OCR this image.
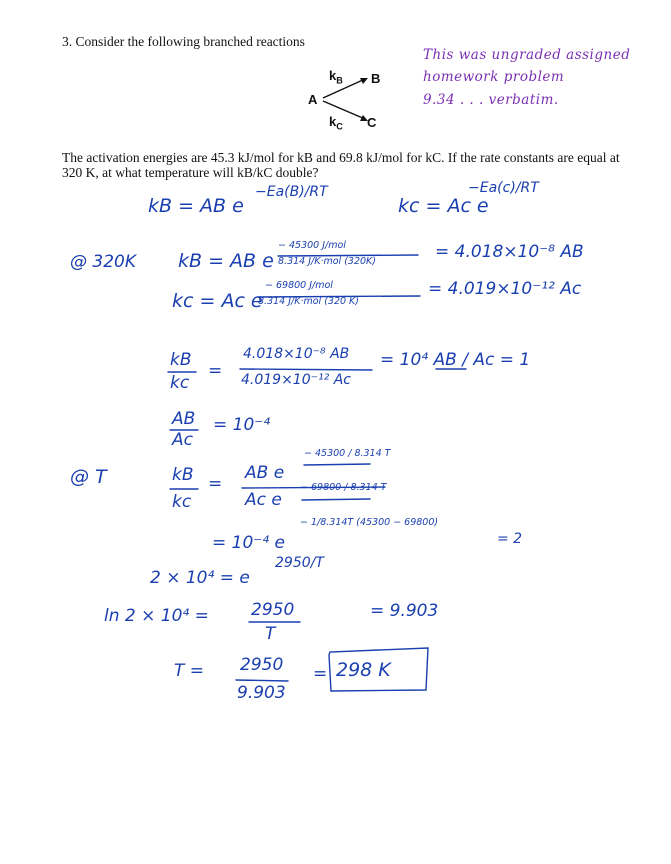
3. Consider the following branched reactions
$k_B$ B
A
$k_C$ C
This was ungraded assigned
homework problem
9.34 . . . verbatim.
The activation energies are 45.3 kJ/mol for kB and 69.8 kJ/mol for kC. If the rate constants are equal at
320 K, at what temperature will kB/kC double?
kB = AB e
−Ea(B)/RT
kc = Ac e
−Ea(c)/RT
@ 320K kB = AB e
− 45300 J/mol
8.314 J/K·mol (320K)	= 4.018×10⁻⁸ AB
kc = Ac e
− 69800 J/mol
8.314 J/K·mol (320 K)
= 4.019×10⁻¹² Ac
kB
kc
=
4.018×10⁻⁸ AB
4.019×10⁻¹² Ac
= 10⁴ AB / Ac = 1
AB
Ac
= 10⁻⁴
@ T	kB
kc
=
AB e
− 45300 / 8.314 T
Ac e
− 69800 / 8.314 T
= 10⁻⁴ e
− 1/8.314T (45300 − 69800)
= 2
2 × 10⁴ = e
2950/T
ln 2 × 10⁴ = 2950
T
= 9.903
T = 2950
9.903
= 298 K
